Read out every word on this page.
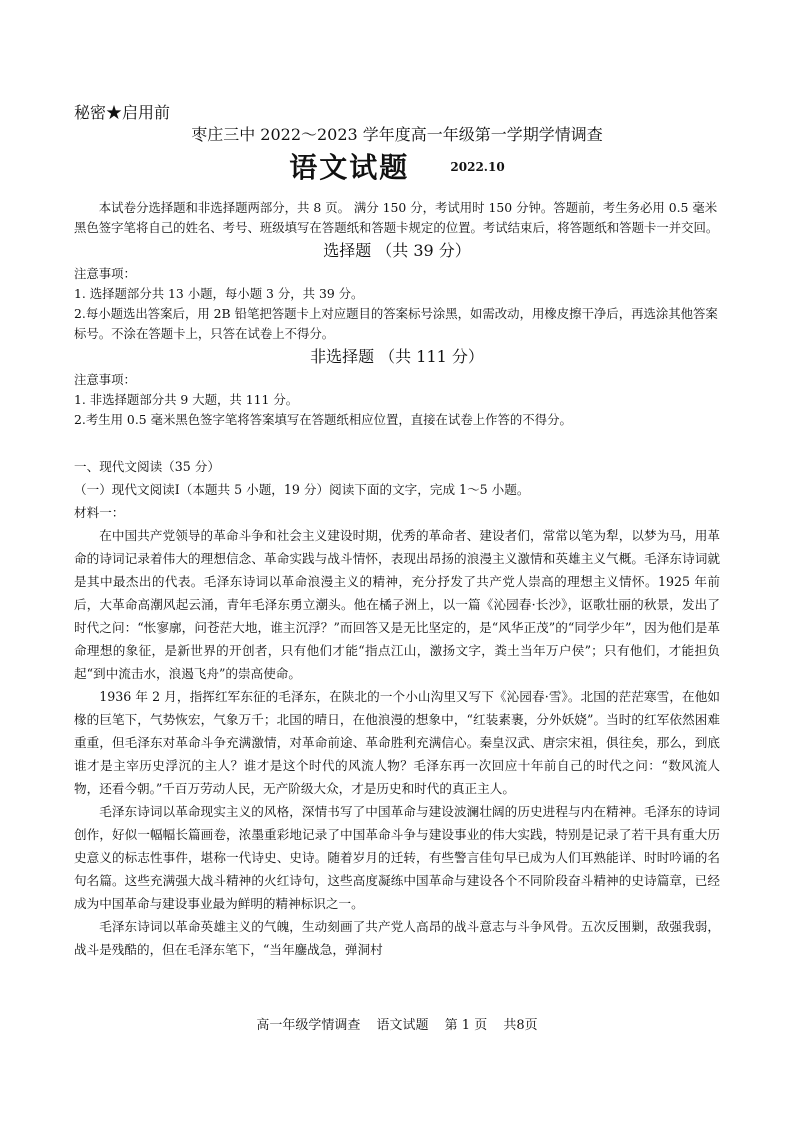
秘密★启用前
枣庄三中 2022～2023 学年度高一年级第一学期学情调查
语文试题	$^{2022.10}$

本试卷分选择题和非选择题两部分，共 8 页。 满分 150 分，考试用时 150 分钟。答题前，考生务必用 0.5 毫米黑色签字笔将自己的姓名、考号、班级填写在答题纸和答题卡规定的位置。考试结束后，将答题纸和答题卡一并交回。

选择题 （共 39 分）

注意事项：

1. 选择题部分共 13 小题，每小题 3 分，共 39 分。

2.每小题选出答案后，用 2B 铅笔把答题卡上对应题目的答案标号涂黑，如需改动，用橡皮擦干净后，再选涂其他答案标号。不涂在答题卡上，只答在试卷上不得分。

非选择题 （共 111 分）

注意事项：

1. 非选择题部分共 9 大题，共 111 分。

2.考生用 0.5 毫米黑色签字笔将答案填写在答题纸相应位置，直接在试卷上作答的不得分。

一、现代文阅读（35 分）

（一）现代文阅读Ⅰ（本题共 5 小题，19 分）阅读下面的文字，完成 1～5 小题。

材料一：

在中国共产党领导的革命斗争和社会主义建设时期，优秀的革命者、建设者们，常常以笔为犁，以梦为马，用革命的诗词记录着伟大的理想信念、革命实践与战斗情怀，表现出昂扬的浪漫主义激情和英雄主义气概。毛泽东诗词就是其中最杰出的代表。毛泽东诗词以革命浪漫主义的精神，充分抒发了共产党人崇高的理想主义情怀。1925 年前后，大革命高潮风起云涌，青年毛泽东勇立潮头。他在橘子洲上，以一篇《沁园春·长沙》，讴歌壮丽的秋景，发出了时代之问：“怅寥廓，问苍茫大地，谁主沉浮？”而回答又是无比坚定的，是“风华正茂”的“同学少年”，因为他们是革命理想的象征，是新世界的开创者，只有他们才能“指点江山，激扬文字，粪土当年万户侯”；只有他们，才能担负起“到中流击水，浪遏飞舟”的崇高使命。

1936 年 2 月，指挥红军东征的毛泽东，在陕北的一个小山沟里又写下《沁园春·雪》。北国的茫茫寒雪，在他如椽的巨笔下，气势恢宏，气象万千；北国的晴日，在他浪漫的想象中，“红装素裹，分外妖娆”。当时的红军依然困难重重，但毛泽东对革命斗争充满激情，对革命前途、革命胜利充满信心。秦皇汉武、唐宗宋祖，俱往矣，那么，到底谁才是主宰历史浮沉的主人？谁才是这个时代的风流人物？毛泽东再一次回应十年前自己的时代之问：“数风流人物，还看今朝。”千百万劳动人民，无产阶级大众，才是历史和时代的真正主人。

毛泽东诗词以革命现实主义的风格，深情书写了中国革命与建设波澜壮阔的历史进程与内在精神。毛泽东的诗词创作，好似一幅幅长篇画卷，浓墨重彩地记录了中国革命斗争与建设事业的伟大实践，特别是记录了若干具有重大历史意义的标志性事件，堪称一代诗史、史诗。随着岁月的迁转，有些警言佳句早已成为人们耳熟能详、时时吟诵的名句名篇。这些充满强大战斗精神的火红诗句，这些高度凝练中国革命与建设各个不同阶段奋斗精神的史诗篇章，已经成为中国革命与建设事业最为鲜明的精神标识之一。

毛泽东诗词以革命英雄主义的气魄，生动刻画了共产党人高昂的战斗意志与斗争风骨。五次反围剿，敌强我弱，战斗是残酷的，但在毛泽东笔下，“当年鏖战急，弹洞村

高一年级学情调查 语文试题 第 1 页 共8页
